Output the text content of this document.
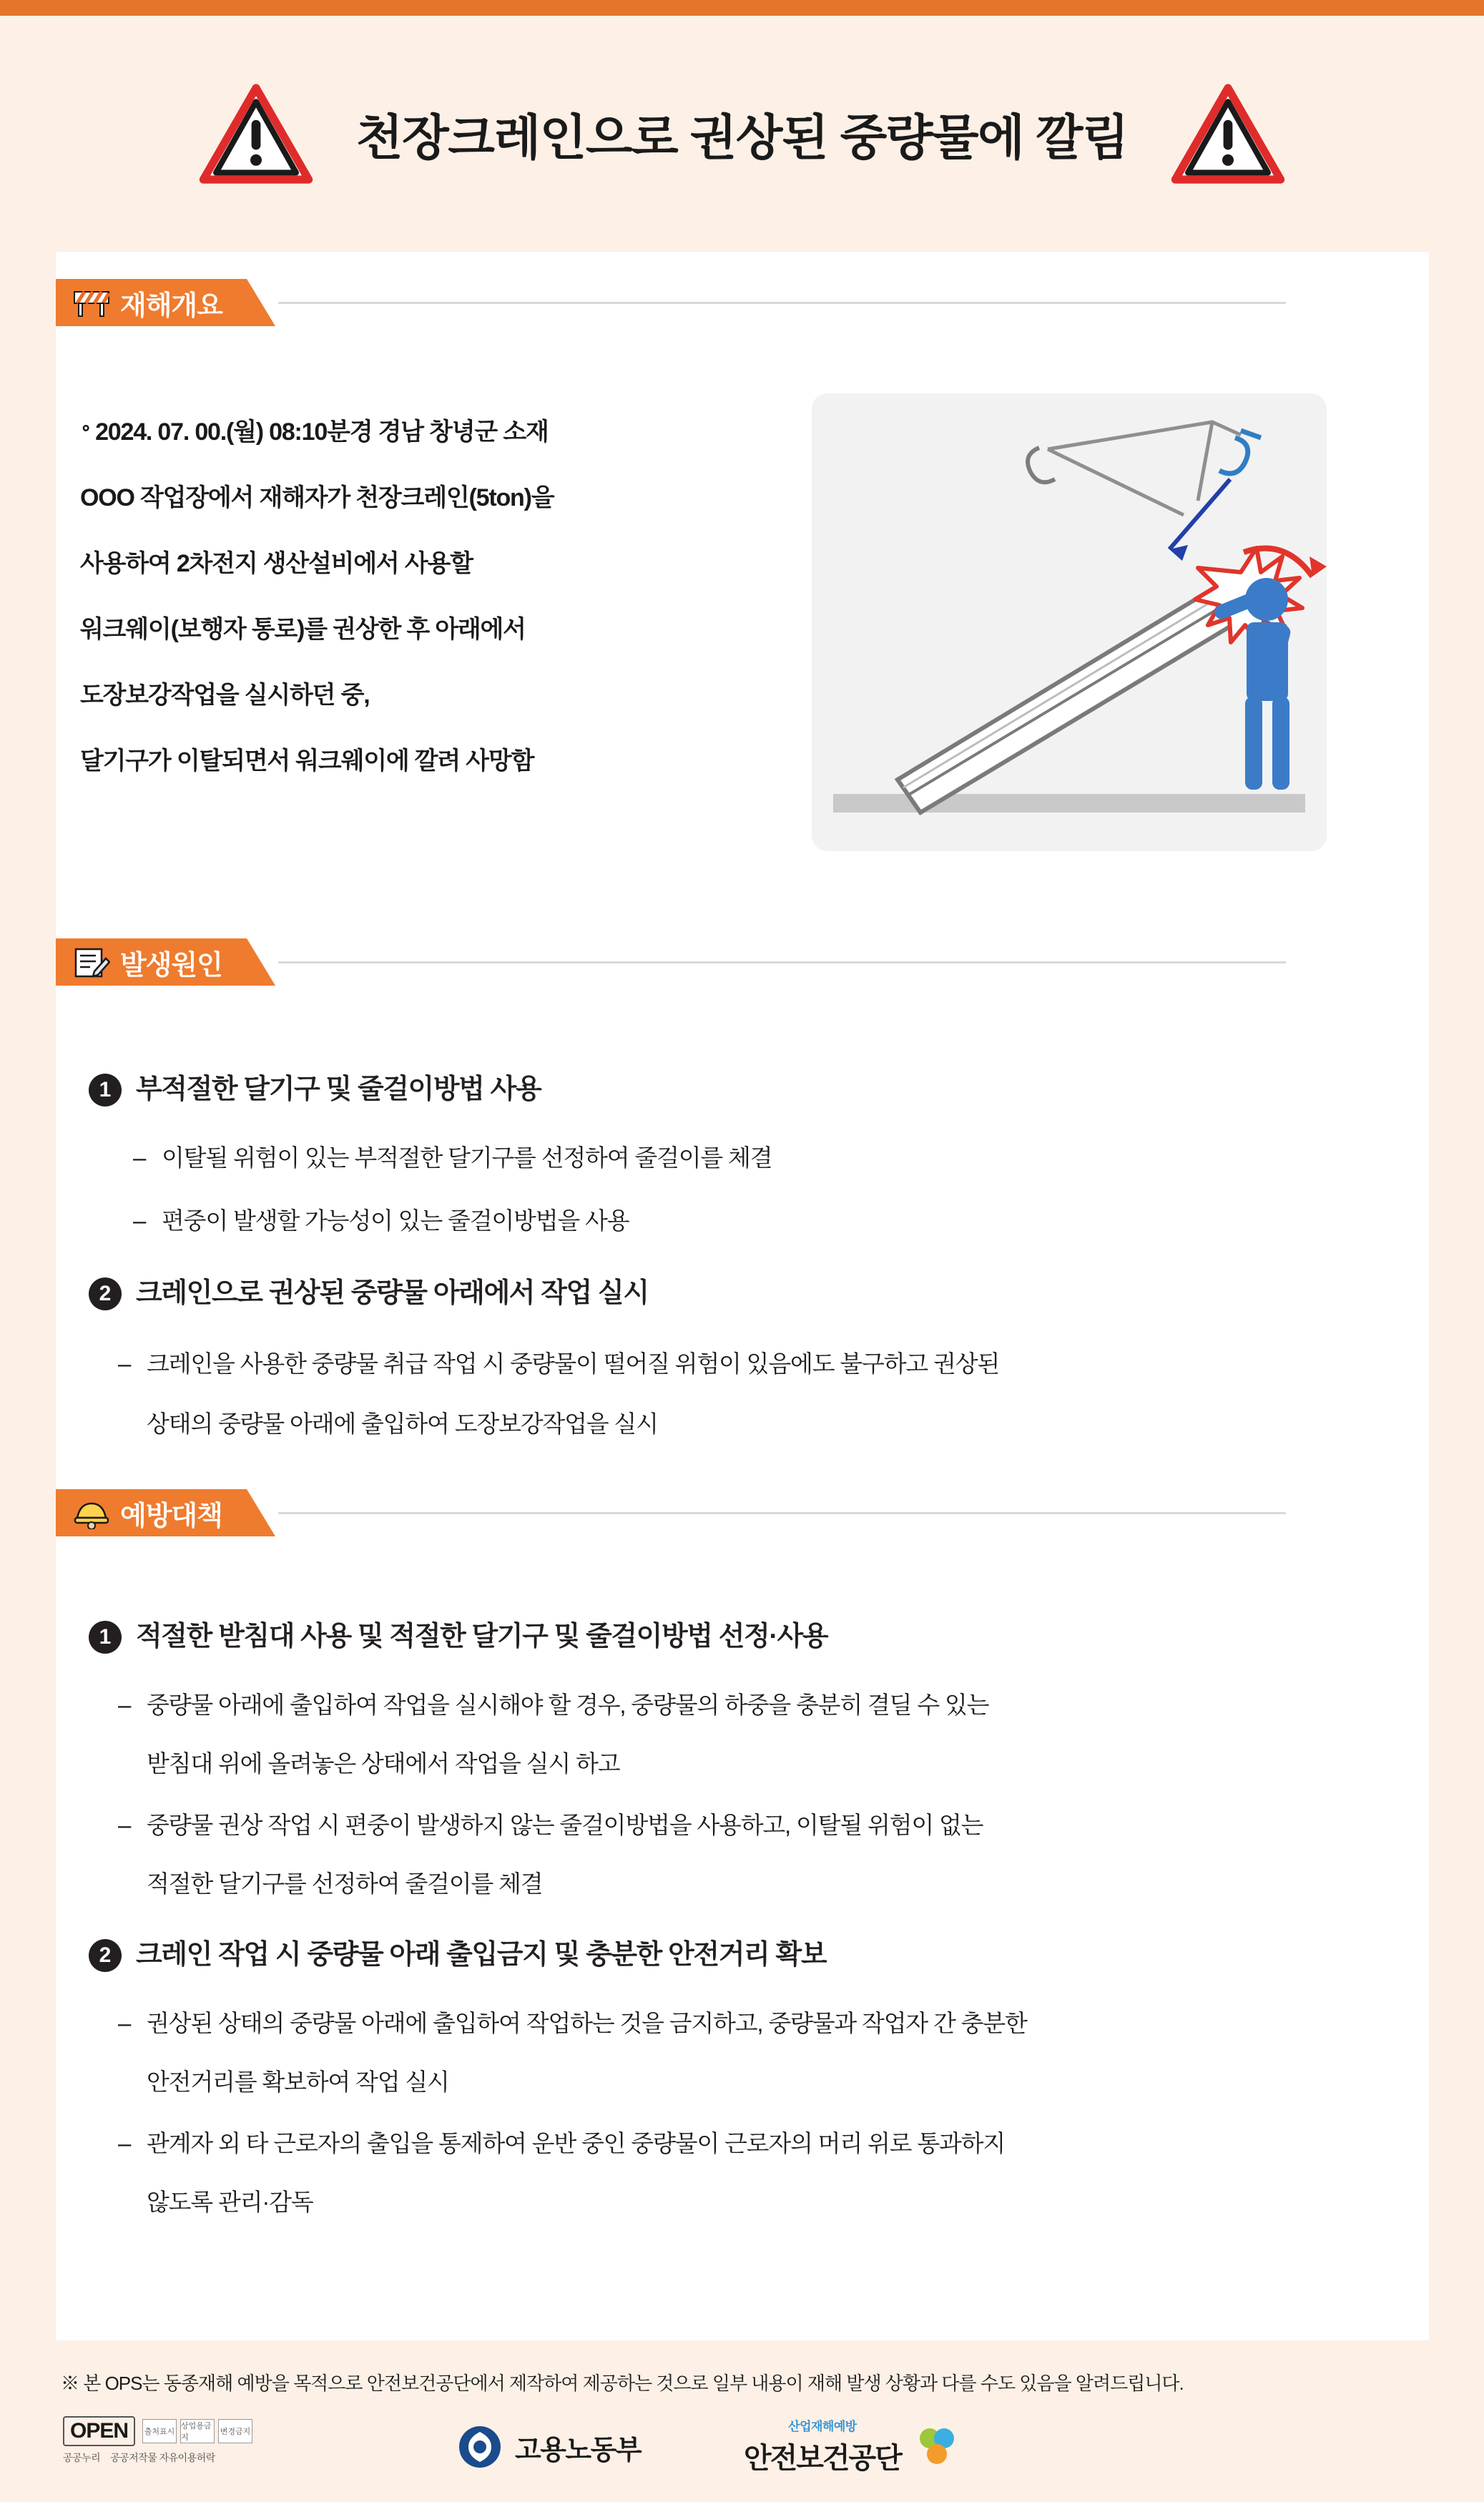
천장크레인으로 권상된 중량물에 깔림
재해개요
∘ 2024. 07. 00.(월) 08:10분경 경남 창녕군 소재
OOO 작업장에서 재해자가 천장크레인(5ton)을
사용하여 2차전지 생산설비에서 사용할
워크웨이(보행자 통로)를 권상한 후 아래에서
도장보강작업을 실시하던 중,
달기구가 이탈되면서 워크웨이에 깔려 사망함
발생원인
1 부적절한 달기구 및 줄걸이방법 사용
– 이탈될 위험이 있는 부적절한 달기구를 선정하여 줄걸이를 체결
– 편중이 발생할 가능성이 있는 줄걸이방법을 사용
2 크레인으로 권상된 중량물 아래에서 작업 실시
– 크레인을 사용한 중량물 취급 작업 시 중량물이 떨어질 위험이 있음에도 불구하고 권상된
상태의 중량물 아래에 출입하여 도장보강작업을 실시
예방대책
1 적절한 받침대 사용 및 적절한 달기구 및 줄걸이방법 선정·사용
– 중량물 아래에 출입하여 작업을 실시해야 할 경우, 중량물의 하중을 충분히 결딜 수 있는
받침대 위에 올려놓은 상태에서 작업을 실시 하고
– 중량물 권상 작업 시 편중이 발생하지 않는 줄걸이방법을 사용하고, 이탈될 위험이 없는
적절한 달기구를 선정하여 줄걸이를 체결
2 크레인 작업 시 중량물 아래 출입금지 및 충분한 안전거리 확보
– 권상된 상태의 중량물 아래에 출입하여 작업하는 것을 금지하고, 중량물과 작업자 간 충분한
안전거리를 확보하여 작업 실시
– 관계자 외 타 근로자의 출입을 통제하여 운반 중인 중량물이 근로자의 머리 위로 통과하지
않도록 관리·감독
※ 본 OPS는 동종재해 예방을 목적으로 안전보건공단에서 제작하여 제공하는 것으로 일부 내용이 재해 발생 상황과 다를 수도 있음을 알려드립니다.
OPEN	출처표시
상업용금지
변경금지
공공누리 공공저작물 자유이용허락	고용노동부
산업재해예방
안전보건공단
